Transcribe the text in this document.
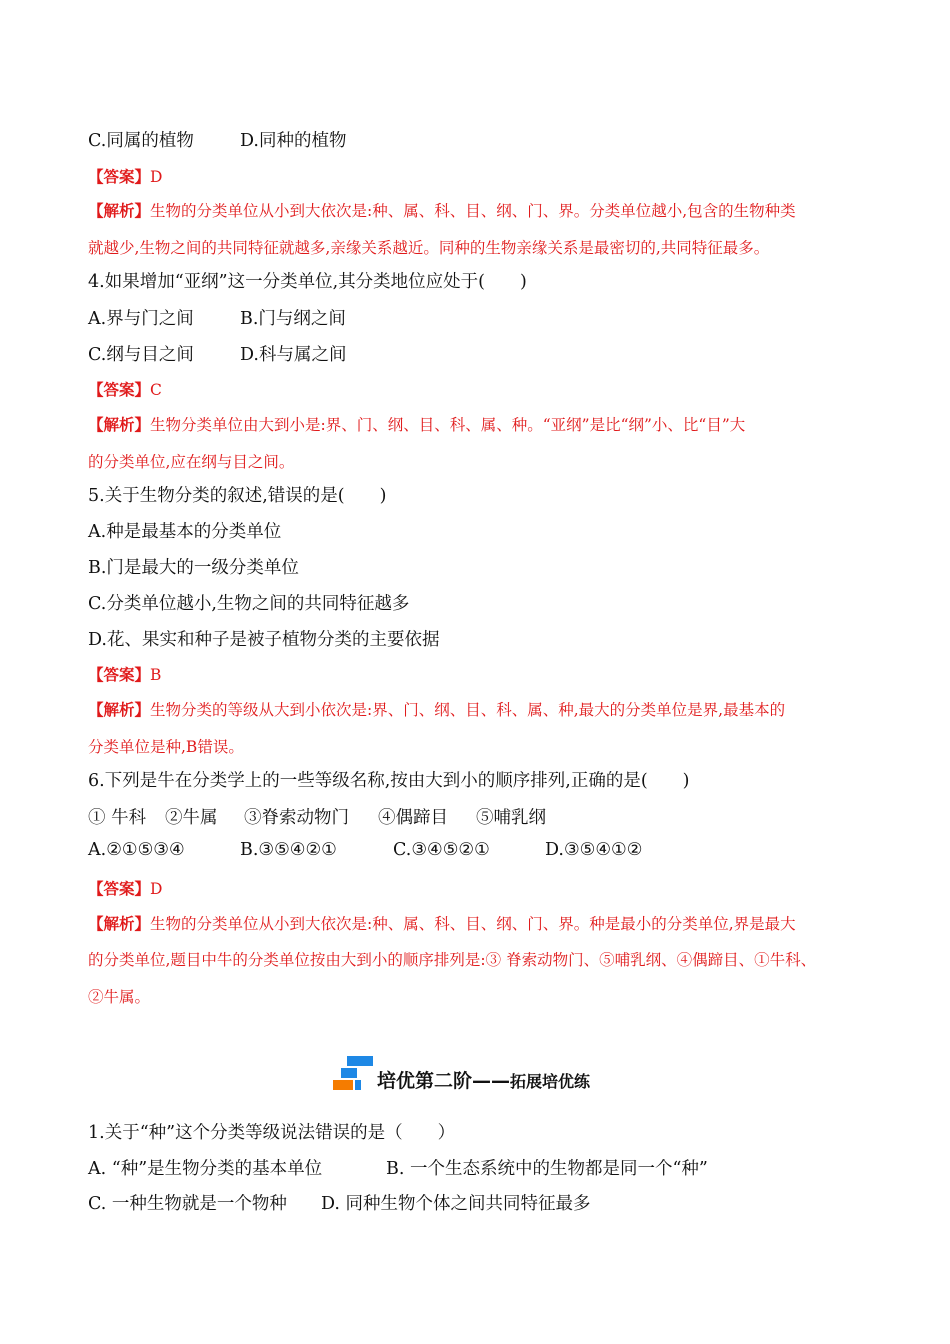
C.同属的植物	D.同种的植物
【答案】D
【解析】生物的分类单位从小到大依次是:种、属、科、目、纲、门、界。分类单位越小,包含的生物种类
就越少,生物之间的共同特征就越多,亲缘关系越近。同种的生物亲缘关系是最密切的,共同特征最多。
4.如果增加“亚纲”这一分类单位,其分类地位应处于(　　)
A.界与门之间	B.门与纲之间
C.纲与目之间	D.科与属之间
【答案】C
【解析】生物分类单位由大到小是:界、门、纲、目、科、属、种。“亚纲”是比“纲”小、比“目”大
的分类单位,应在纲与目之间。
5.关于生物分类的叙述,错误的是(　　)
A.种是最基本的分类单位
B.门是最大的一级分类单位
C.分类单位越小,生物之间的共同特征越多
D.花、果实和种子是被子植物分类的主要依据
【答案】B
【解析】生物分类的等级从大到小依次是:界、门、纲、目、科、属、种,最大的分类单位是界,最基本的
分类单位是种,B错误。
6.下列是牛在分类学上的一些等级名称,按由大到小的顺序排列,正确的是(　　)
① 牛科 ②牛属 ③脊索动物门 ④偶蹄目 ⑤哺乳纲
A.②①⑤③④	B.③⑤④②①	C.③④⑤②①	D.③⑤④①②
【答案】D
【解析】生物的分类单位从小到大依次是:种、属、科、目、纲、门、界。种是最小的分类单位,界是最大
的分类单位,题目中牛的分类单位按由大到小的顺序排列是:③ 脊索动物门、⑤哺乳纲、④偶蹄目、①牛科、
②牛属。
培优第二阶——拓展培优练
1.关于“种”这个分类等级说法错误的是（　　）
A. “种”是生物分类的基本单位	B. 一个生态系统中的生物都是同一个“种”
C. 一种生物就是一个物种 D. 同种生物个体之间共同特征最多
